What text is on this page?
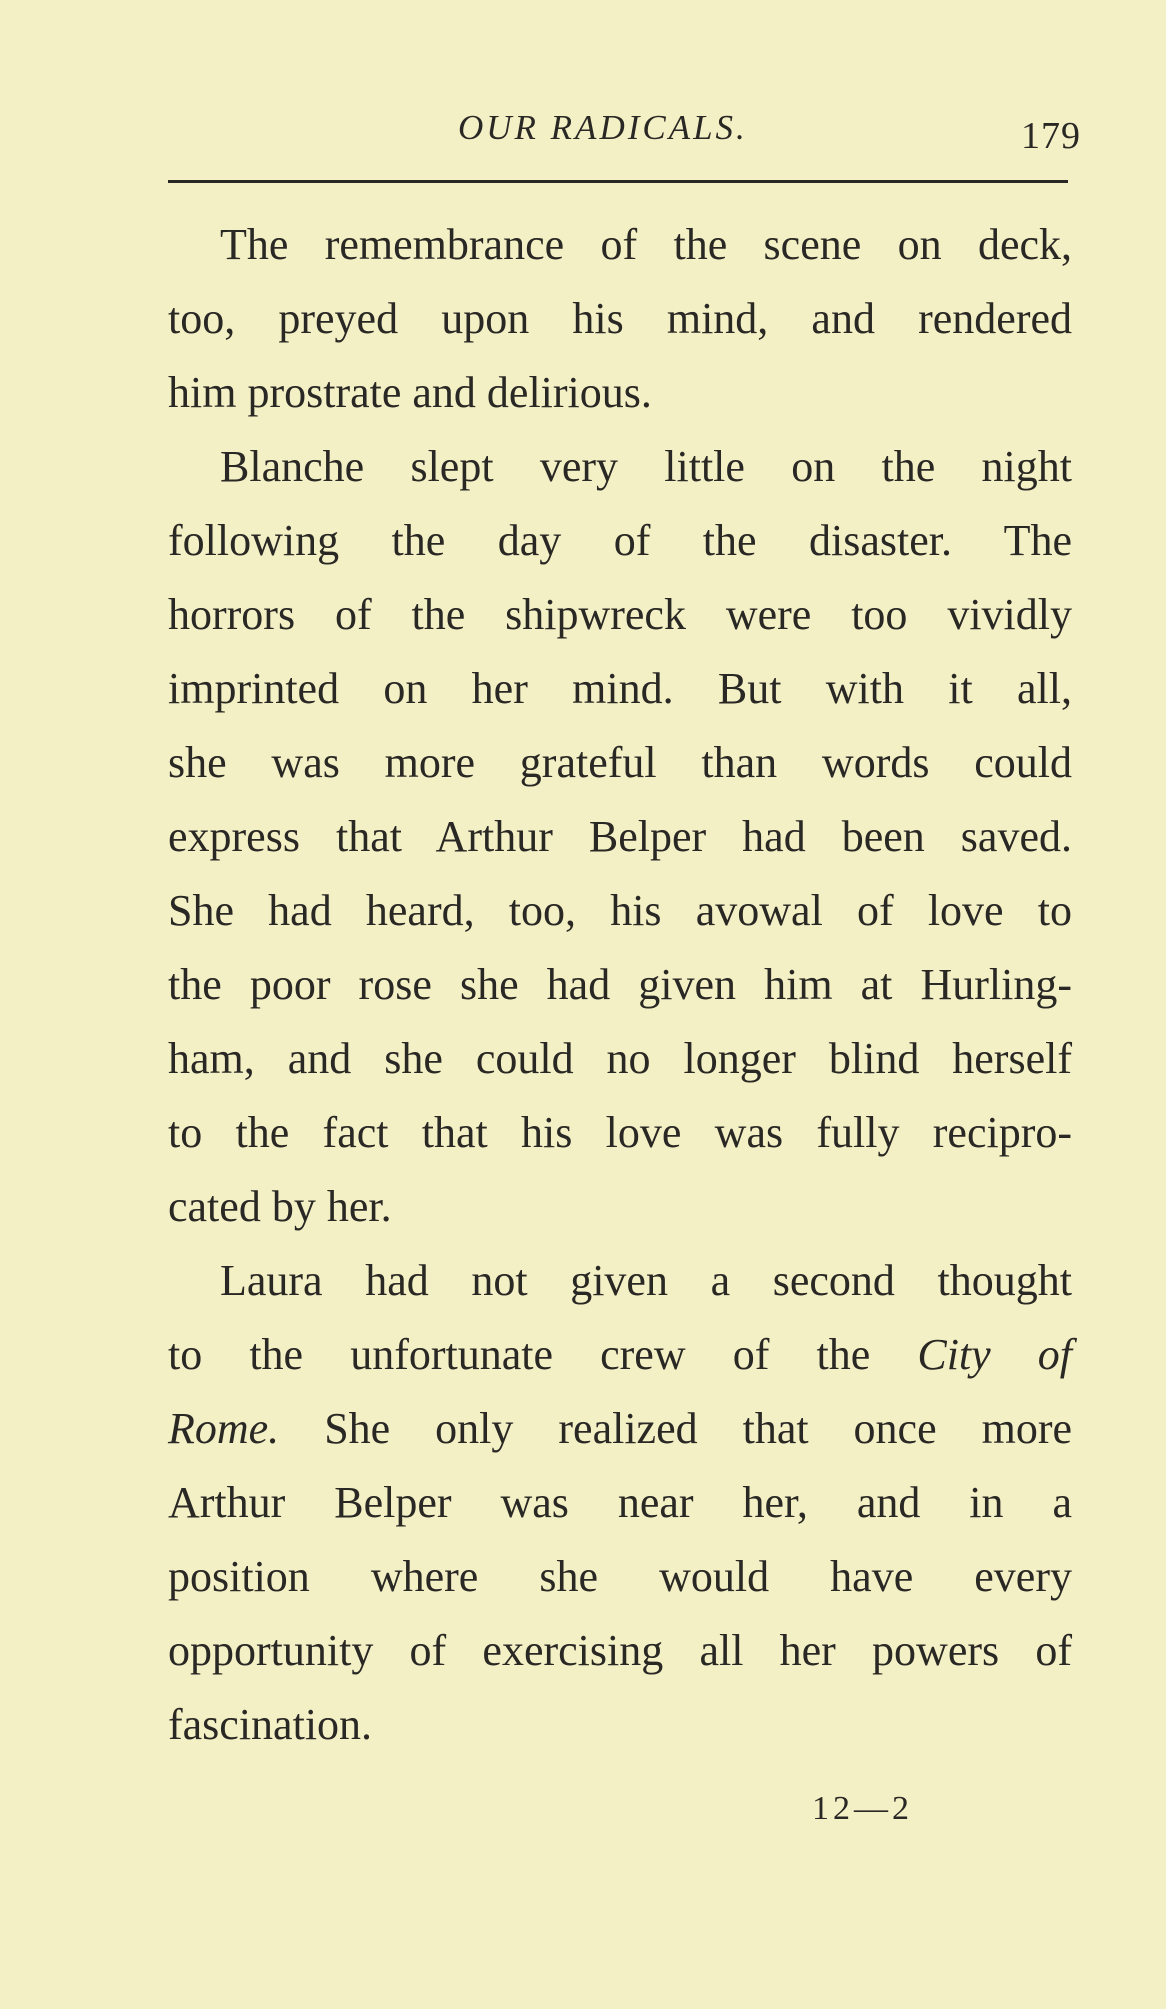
OUR RADICALS.	179
The remembrance of the scene on deck,
too, preyed upon his mind, and rendered
him prostrate and delirious.
Blanche slept very little on the night
following the day of the disaster. The
horrors of the shipwreck were too vividly
imprinted on her mind. But with it all,
she was more grateful than words could
express that Arthur Belper had been saved.
She had heard, too, his avowal of love to
the poor rose she had given him at Hurling-
ham, and she could no longer blind herself
to the fact that his love was fully recipro-
cated by her.
Laura had not given a second thought
to the unfortunate crew of the City of
Rome. She only realized that once more
Arthur Belper was near her, and in a
position where she would have every
opportunity of exercising all her powers of
fascination.
12—2
